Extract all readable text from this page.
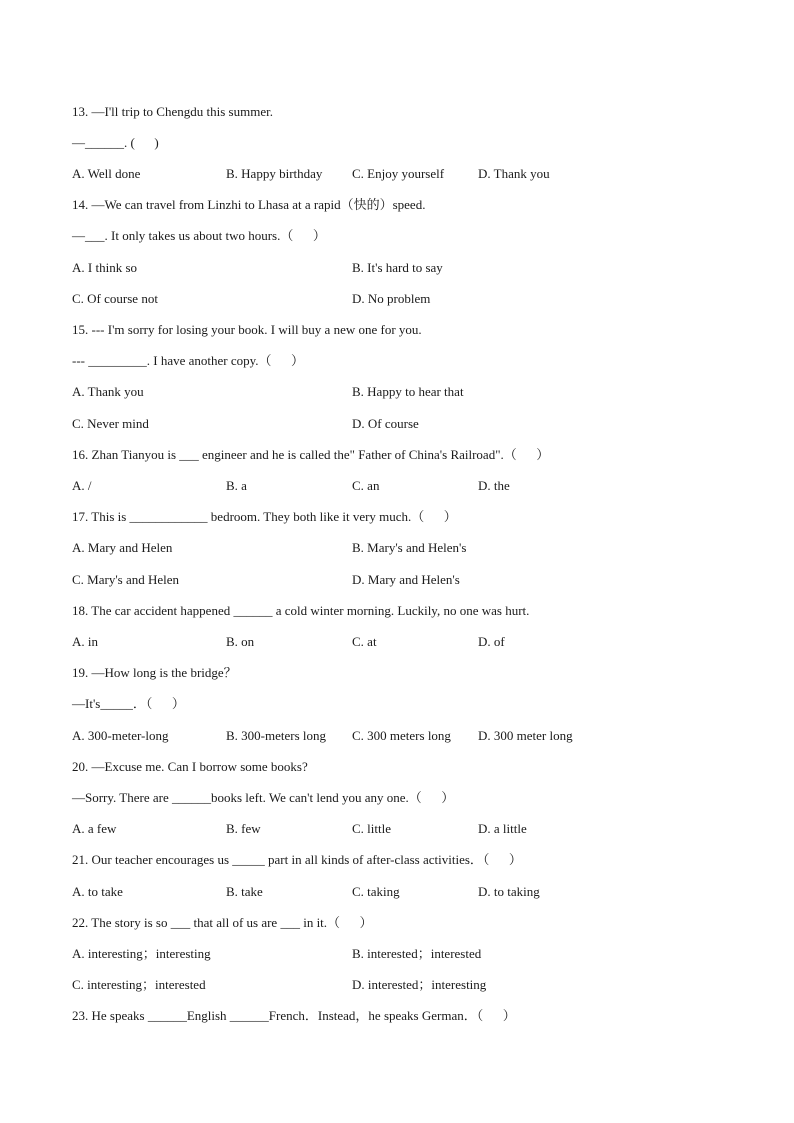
13. —I'll trip to Chengdu this summer.
—______. (      )
A. Well done	B. Happy birthday C. Enjoy yourself	D. Thank you
14. —We can travel from Linzhi to Lhasa at a rapid（快的）speed.
—___. It only takes us about two hours.（      ）
A. I think so	B. It's hard to say
C. Of course not	D. No problem
15. --- I'm sorry for losing your book. I will buy a new one for you.
--- _________. I have another copy.（      ）
A. Thank you	B. Happy to hear that
C. Never mind	D. Of course
16. Zhan Tianyou is ___ engineer and he is called the" Father of China's Railroad".（      ）
A. /	B. a	C. an	D. the
17. This is ____________ bedroom. They both like it very much.（      ）
A. Mary and Helen	B. Mary's and Helen's
C. Mary's and Helen	D. Mary and Helen's
18. The car accident happened ______ a cold winter morning. Luckily, no one was hurt.
A. in	B. on	C. at	D. of
19. —How long is the bridge？
—It's_____．（      ）
A. 300-meter-long	B. 300-meters long C. 300 meters long D. 300 meter long
20. —Excuse me. Can I borrow some books?
—Sorry. There are ______books left. We can't lend you any one.（      ）
A. a few	B. few	C. little	D. a little
21. Our teacher encourages us _____ part in all kinds of after-class activities．（      ）
A. to take	B. take	C. taking	D. to taking
22. The story is so ___ that all of us are ___ in it.（      ）
A. interesting；interesting	B. interested；interested
C. interesting；interested	D. interested；interesting
23. He speaks ______English ______French．Instead，he speaks German．（      ）
